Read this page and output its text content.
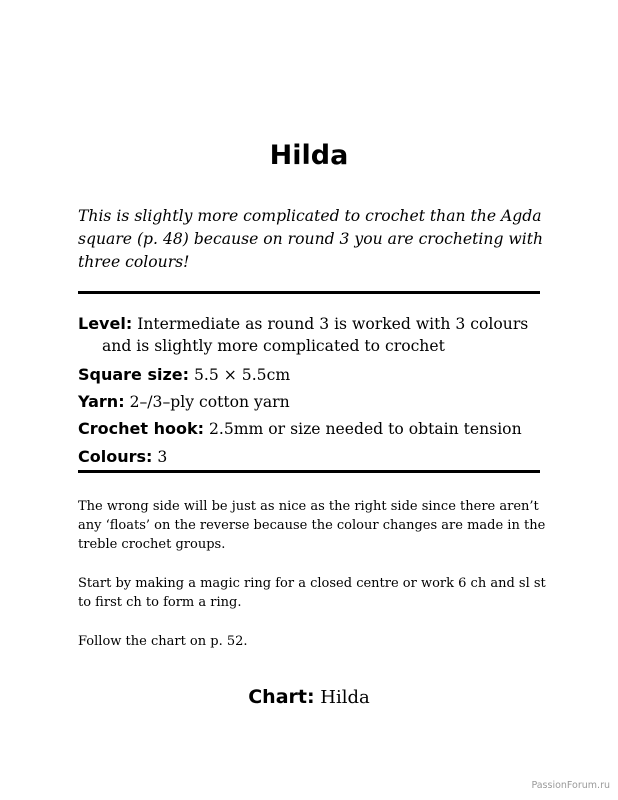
Hilda

This is slightly more complicated to crochet than the Agda square (p. 48) because on round 3 you are crocheting with three colours!

Level: Intermediate as round 3 is worked with 3 colours and is slightly more complicated to crochet

Square size: 5.5 × 5.5cm

Yarn: 2–/3–ply cotton yarn

Crochet hook: 2.5mm or size needed to obtain tension

Colours: 3

The wrong side will be just as nice as the right side since there aren’t any ‘floats’ on the reverse because the colour changes are made in the treble crochet groups.

Start by making a magic ring for a closed centre or work 6 ch and sl st to first ch to form a ring.

Follow the chart on p. 52.

Chart: Hilda

PassionForum.ru
